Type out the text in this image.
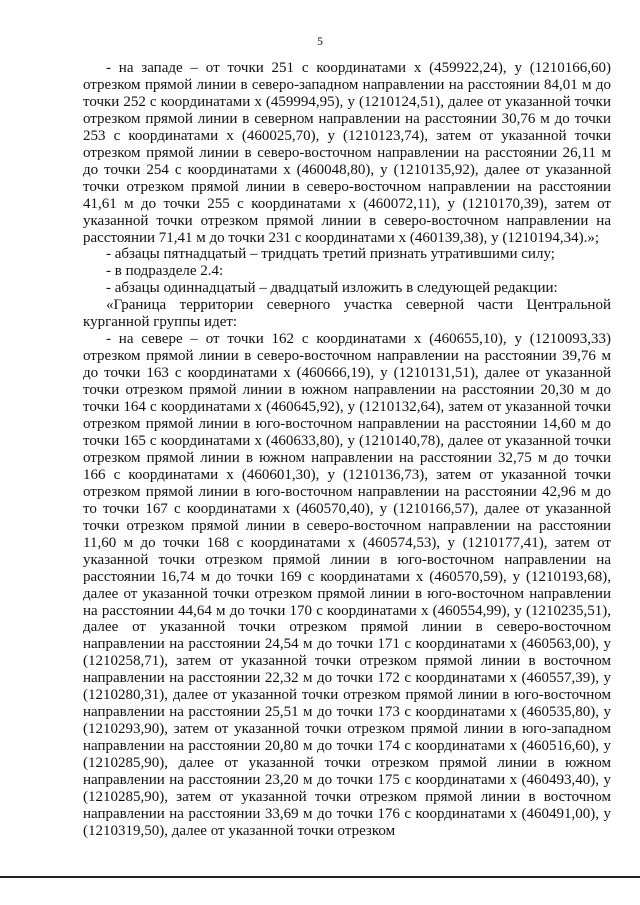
5

- на западе – от точки 251 с координатами x (459922,24), y (1210166,60) отрезком прямой линии в северо-западном направлении на расстоянии 84,01 м до точки 252 с координатами x (459994,95), y (1210124,51), далее от указанной точки отрезком прямой линии в северном направлении на расстоянии 30,76 м до точки 253 с координатами x (460025,70), y (1210123,74), затем от указанной точки отрезком прямой линии в северо-восточном направлении на расстоянии 26,11 м до точки 254 с координатами x (460048,80), y (1210135,92), далее от указанной точки отрезком прямой линии в северо-восточном направлении на расстоянии 41,61 м до точки 255 с координатами x (460072,11), y (1210170,39), затем от указанной точки отрезком прямой линии в северо-восточном направлении на расстоянии 71,41 м до точки 231 с координатами x (460139,38), y (1210194,34).»;

- абзацы пятнадцатый – тридцать третий признать утратившими силу;

- в подразделе 2.4:

- абзацы одиннадцатый – двадцатый изложить в следующей редакции:

«Граница территории северного участка северной части Центральной курганной группы идет:

- на севере – от точки 162 с координатами x (460655,10), y (1210093,33) отрезком прямой линии в северо-восточном направлении на расстоянии 39,76 м до точки 163 с координатами x (460666,19), y (1210131,51), далее от указанной точки отрезком прямой линии в южном направлении на расстоянии 20,30 м до точки 164 с координатами x (460645,92), y (1210132,64), затем от указанной точки отрезком прямой линии в юго-восточном направлении на расстоянии 14,60 м до точки 165 с координатами x (460633,80), y (1210140,78), далее от указанной точки отрезком прямой линии в южном направлении на расстоянии 32,75 м до точки 166 с координатами x (460601,30), y (1210136,73), затем от указанной точки отрезком прямой линии в юго-восточном направлении на расстоянии 42,96 м до то точки 167 с координатами x (460570,40), y (1210166,57), далее от указанной точки отрезком прямой линии в северо-восточном направлении на расстоянии 11,60 м до точки 168 с координатами x (460574,53), y (1210177,41), затем от указанной точки отрезком прямой линии в юго-восточном направлении на расстоянии 16,74 м до точки 169 с координатами x (460570,59), y (1210193,68), далее от указанной точки отрезком прямой линии в юго-восточном направлении на расстоянии 44,64 м до точки 170 с координатами x (460554,99), y (1210235,51), далее от указанной точки отрезком прямой линии в северо-восточном направлении на расстоянии 24,54 м до точки 171 с координатами x (460563,00), y (1210258,71), затем от указанной точки отрезком прямой линии в восточном направлении на расстоянии 22,32 м до точки 172 с координатами x (460557,39), y (1210280,31), далее от указанной точки отрезком прямой линии в юго-восточном направлении на расстоянии 25,51 м до точки 173 с координатами x (460535,80), y (1210293,90), затем от указанной точки отрезком прямой линии в юго-западном направлении на расстоянии 20,80 м до точки 174 с координатами x (460516,60), y (1210285,90), далее от указанной точки отрезком прямой линии в южном направлении на расстоянии 23,20 м до точки 175 с координатами x (460493,40), y (1210285,90), затем от указанной точки отрезком прямой линии в восточном направлении на расстоянии 33,69 м до точки 176 с координатами x (460491,00), y (1210319,50), далее от указанной точки отрезком
